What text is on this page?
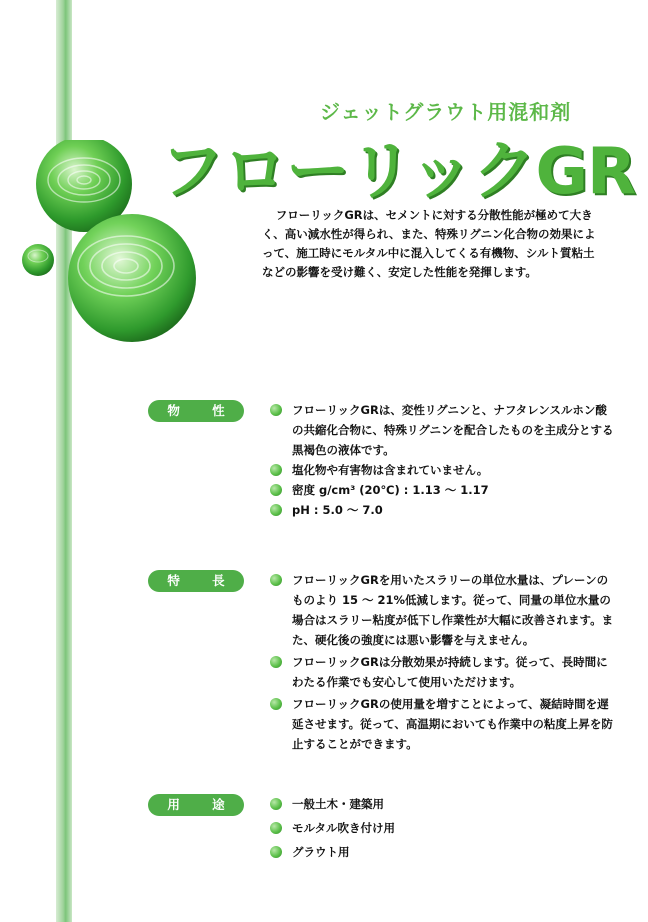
ジェットグラウト用混和剤
フローリックGR
フローリックGRは、セメントに対する分散性能が極めて大きく、高い減水性が得られ、また、特殊リグニン化合物の効果によって、施工時にモルタル中に混入してくる有機物、シルト質粘土などの影響を受け難く、安定した性能を発揮します。
物 性	フローリックGRは、変性リグニンと、ナフタレンスルホン酸の共縮化合物に、特殊リグニンを配合したものを主成分とする黒褐色の液体です。
塩化物や有害物は含まれていません。
密度 g/cm³ (20℃) : 1.13 ～ 1.17
pH : 5.0 ～ 7.0
特 長	フローリックGRを用いたスラリーの単位水量は、プレーンのものより 15 ～ 21%低減します。従って、同量の単位水量の場合はスラリー粘度が低下し作業性が大幅に改善されます。また、硬化後の強度には悪い影響を与えません。
フローリックGRは分散効果が持続します。従って、長時間にわたる作業でも安心して使用いただけます。
フローリックGRの使用量を増すことによって、凝結時間を遅延させます。従って、高温期においても作業中の粘度上昇を防止することができます。
用 途	一般土木・建築用
モルタル吹き付け用
グラウト用
